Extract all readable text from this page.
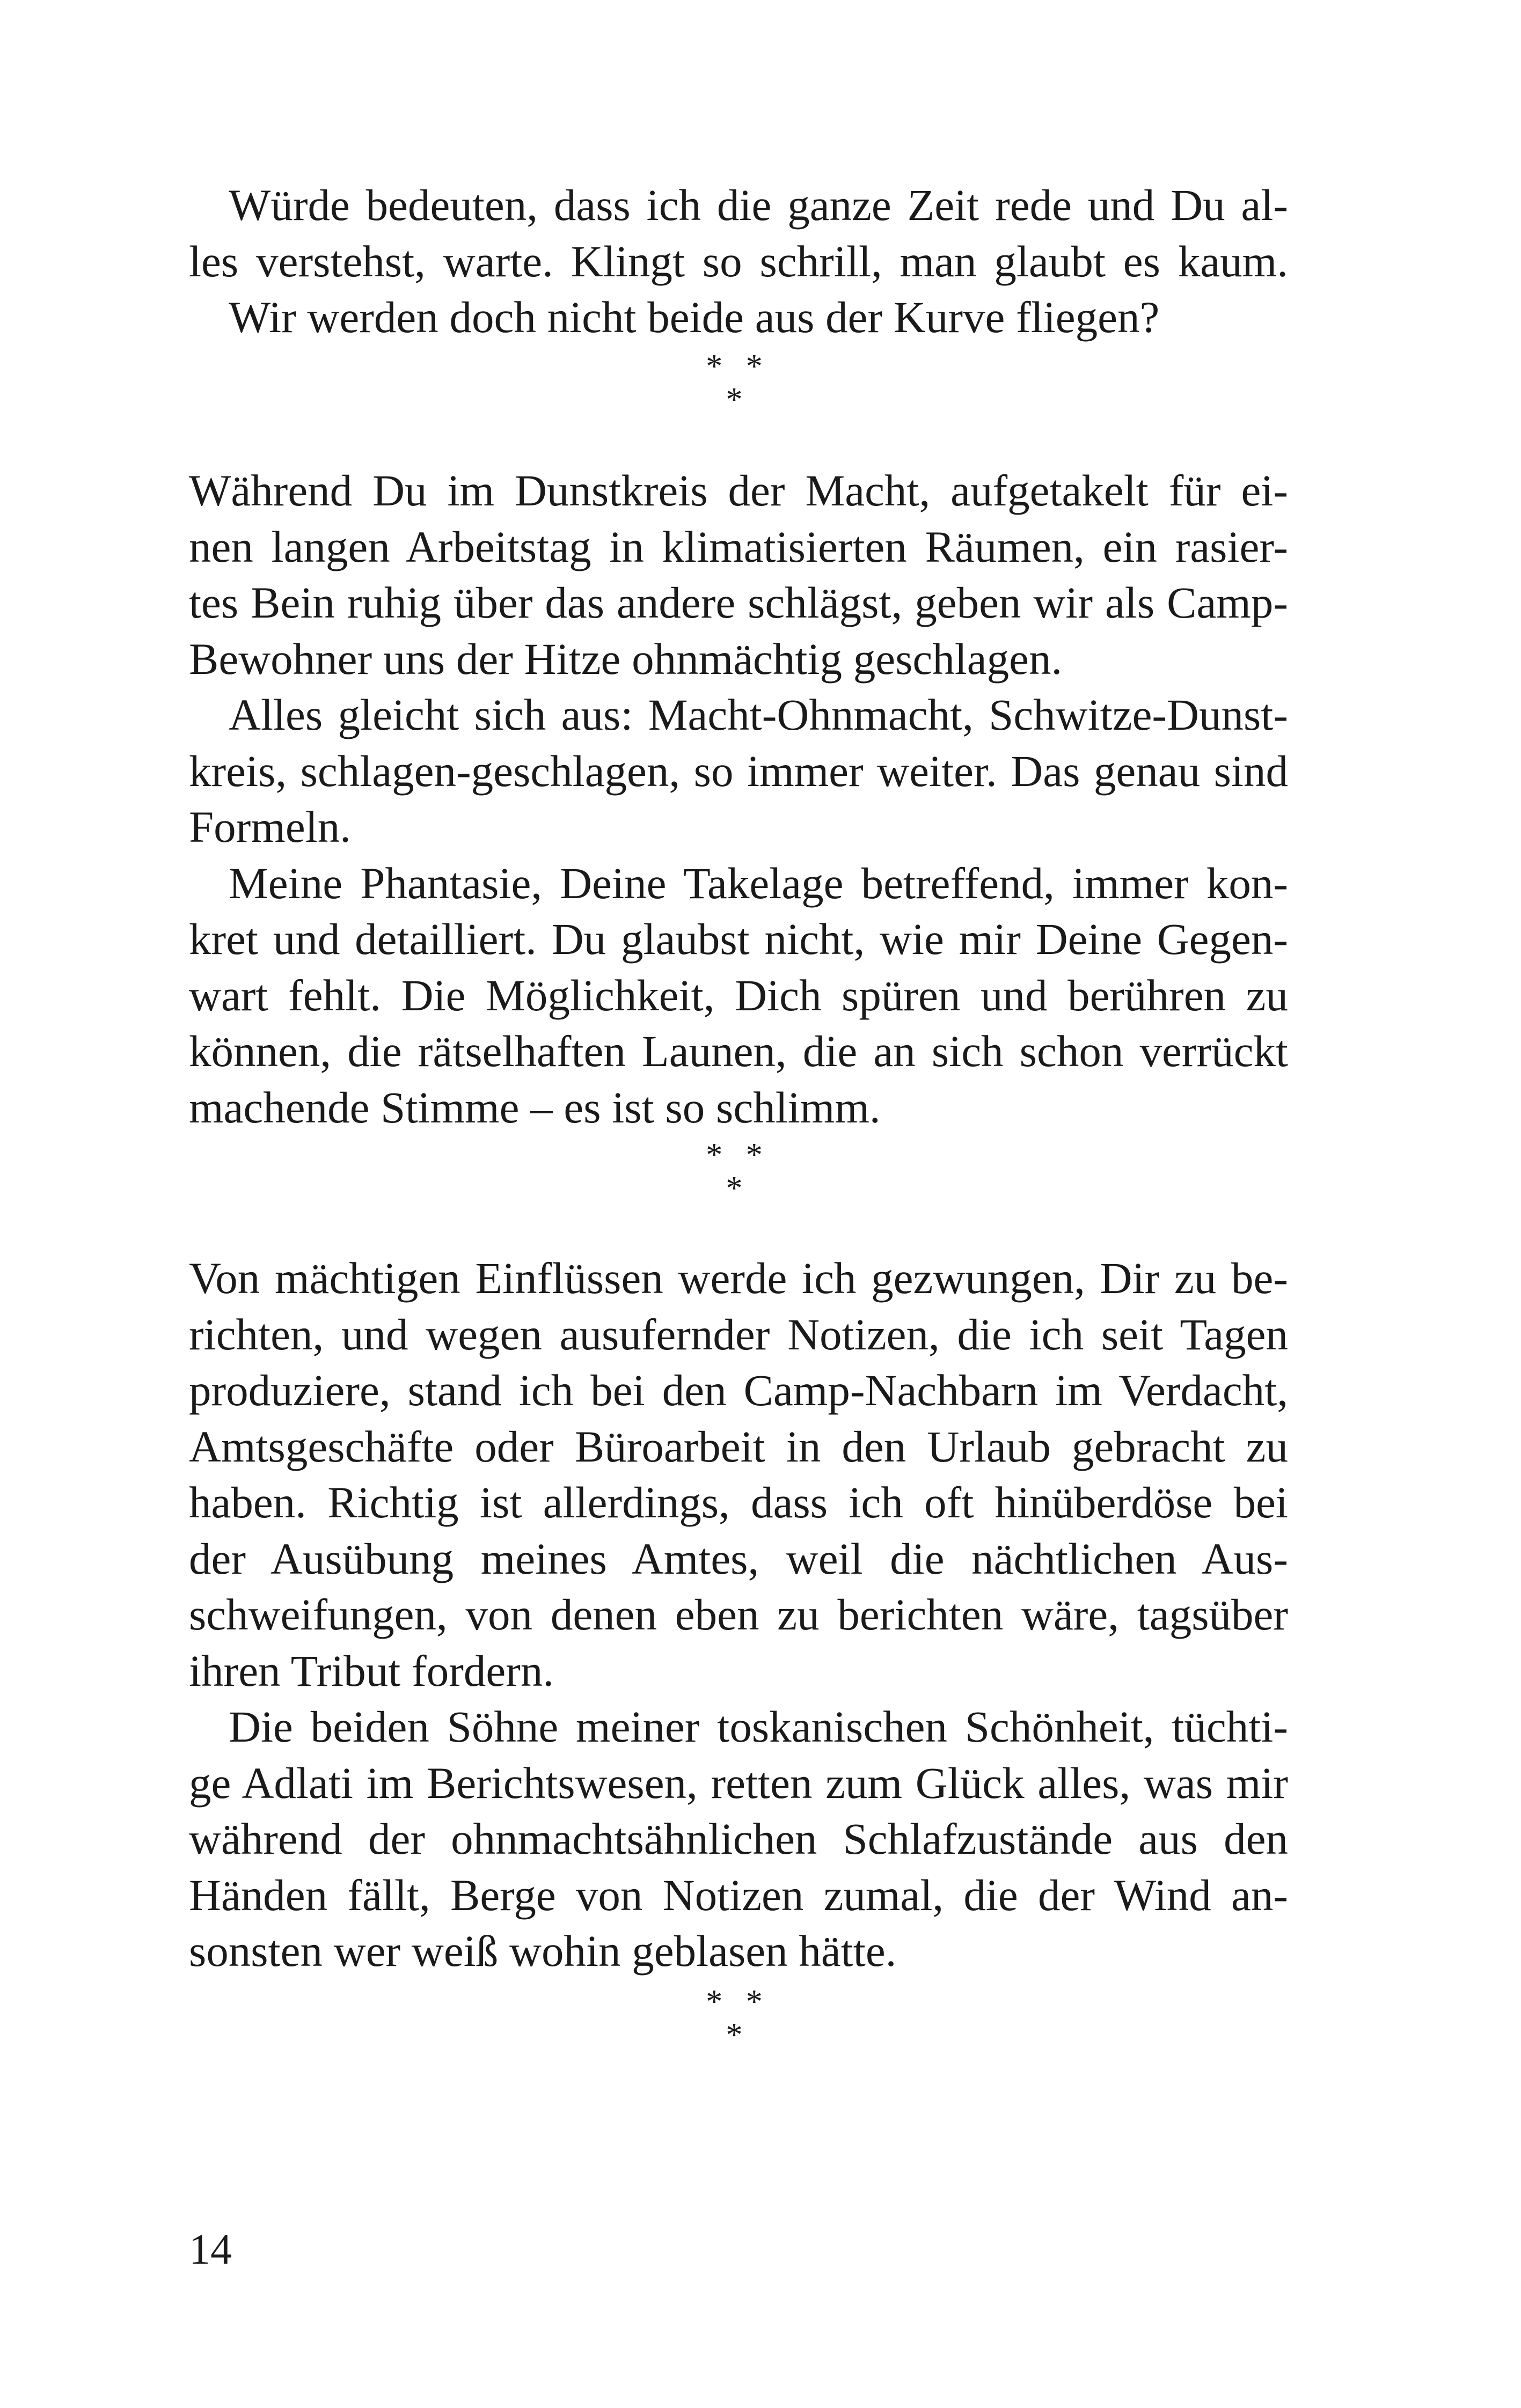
Würde bedeuten, dass ich die ganze Zeit rede und Du al-
les verstehst, warte. Klingt so schrill, man glaubt es kaum.
Wir werden doch nicht beide aus der Kurve fliegen?
* * *
Während Du im Dunstkreis der Macht, aufgetakelt für ei-
nen langen Arbeitstag in klimatisierten Räumen, ein rasier-
tes Bein ruhig über das andere schlägst, geben wir als Camp-
Bewohner uns der Hitze ohnmächtig geschlagen.
Alles gleicht sich aus: Macht-Ohnmacht, Schwitze-Dunst-
kreis, schlagen-geschlagen, so immer weiter. Das genau sind
Formeln.
Meine Phantasie, Deine Takelage betreffend, immer kon-
kret und detailliert. Du glaubst nicht, wie mir Deine Gegen-
wart fehlt. Die Möglichkeit, Dich spüren und berühren zu
können, die rätselhaften Launen, die an sich schon verrückt
machende Stimme – es ist so schlimm.
* * *
Von mächtigen Einflüssen werde ich gezwungen, Dir zu be-
richten, und wegen ausufernder Notizen, die ich seit Tagen
produziere, stand ich bei den Camp-Nachbarn im Verdacht,
Amtsgeschäfte oder Büroarbeit in den Urlaub gebracht zu
haben. Richtig ist allerdings, dass ich oft hinüberdöse bei
der Ausübung meines Amtes, weil die nächtlichen Aus-
schweifungen, von denen eben zu berichten wäre, tagsüber
ihren Tribut fordern.
Die beiden Söhne meiner toskanischen Schönheit, tüchti-
ge Adlati im Berichtswesen, retten zum Glück alles, was mir
während der ohnmachtsähnlichen Schlafzustände aus den
Händen fällt, Berge von Notizen zumal, die der Wind an-
sonsten wer weiß wohin geblasen hätte.
* * *
14
